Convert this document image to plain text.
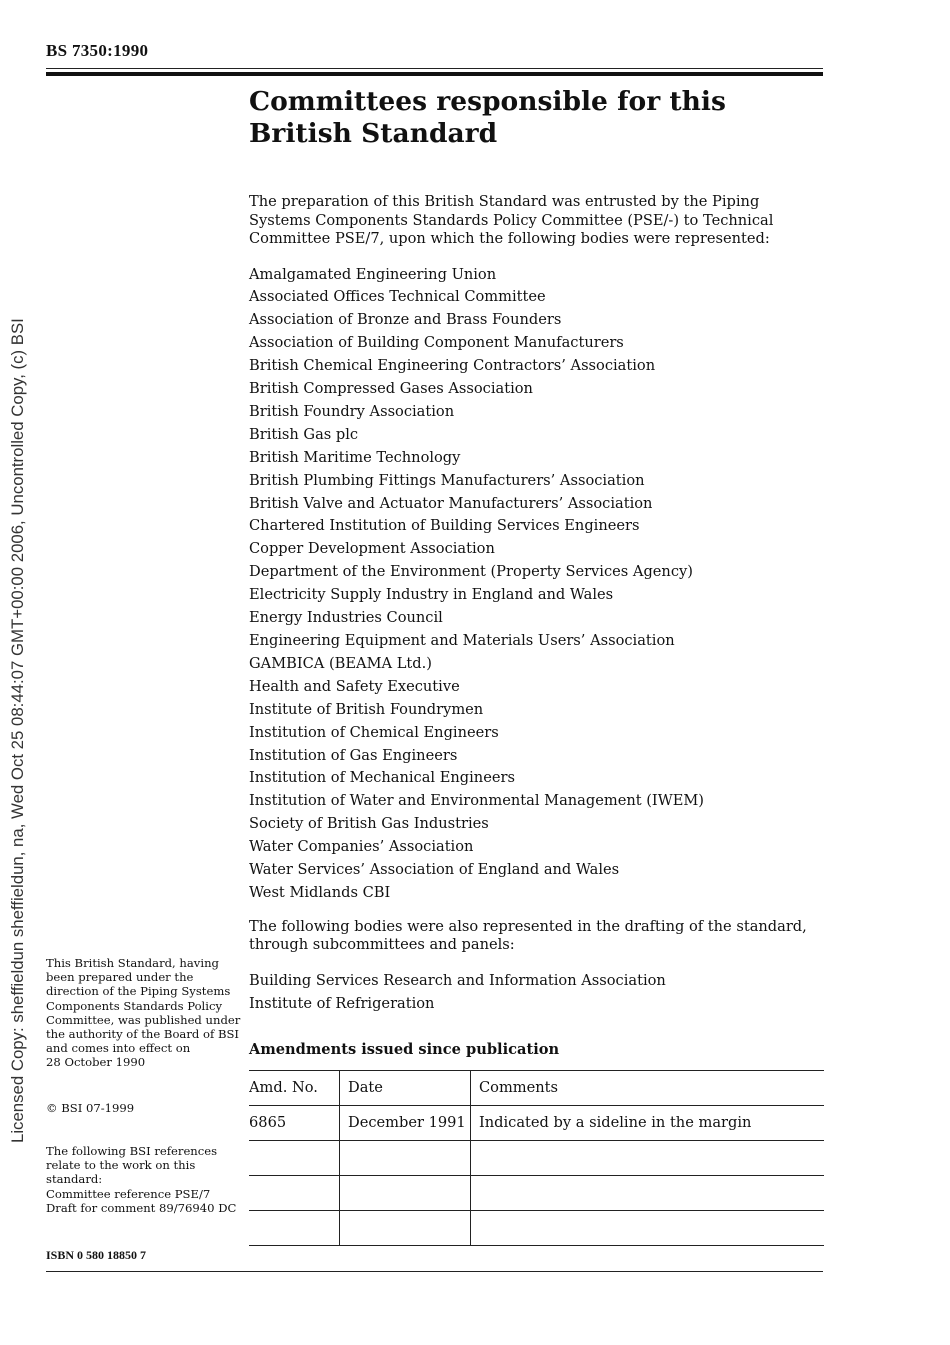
BS 7350:1990
Licensed Copy: sheffieldun sheffieldun, na, Wed Oct 25 08:44:07 GMT+00:00 2006, Uncontrolled Copy, (c) BSI
Committees responsible for this British Standard

The preparation of this British Standard was entrusted by the Piping Systems Components Standards Policy Committee (PSE/-) to Technical Committee PSE/7, upon which the following bodies were represented:

Amalgamated Engineering Union
Associated Offices Technical Committee
Association of Bronze and Brass Founders
Association of Building Component Manufacturers
British Chemical Engineering Contractors’ Association
British Compressed Gases Association
British Foundry Association
British Gas plc
British Maritime Technology
British Plumbing Fittings Manufacturers’ Association
British Valve and Actuator Manufacturers’ Association
Chartered Institution of Building Services Engineers
Copper Development Association
Department of the Environment (Property Services Agency)
Electricity Supply Industry in England and Wales
Energy Industries Council
Engineering Equipment and Materials Users’ Association
GAMBICA (BEAMA Ltd.)
Health and Safety Executive
Institute of British Foundrymen
Institution of Chemical Engineers
Institution of Gas Engineers
Institution of Mechanical Engineers
Institution of Water and Environmental Management (IWEM)
Society of British Gas Industries
Water Companies’ Association
Water Services’ Association of England and Wales
West Midlands CBI

The following bodies were also represented in the drafting of the standard, through subcommittees and panels:

Building Services Research and Information Association
Institute of Refrigeration
Amendments issued since publication
Amd. No.	Date	Comments
6865	December 1991	Indicated by a sideline in the margin

This British Standard, having been prepared under the direction of the Piping Systems Components Standards Policy Committee, was published under the authority of the Board of BSI and comes into effect on

28 October 1990

© BSI 07-1999

The following BSI references relate to the work on this standard:

Committee reference PSE/7

Draft for comment 89/76940 DC

ISBN 0 580 18850 7
